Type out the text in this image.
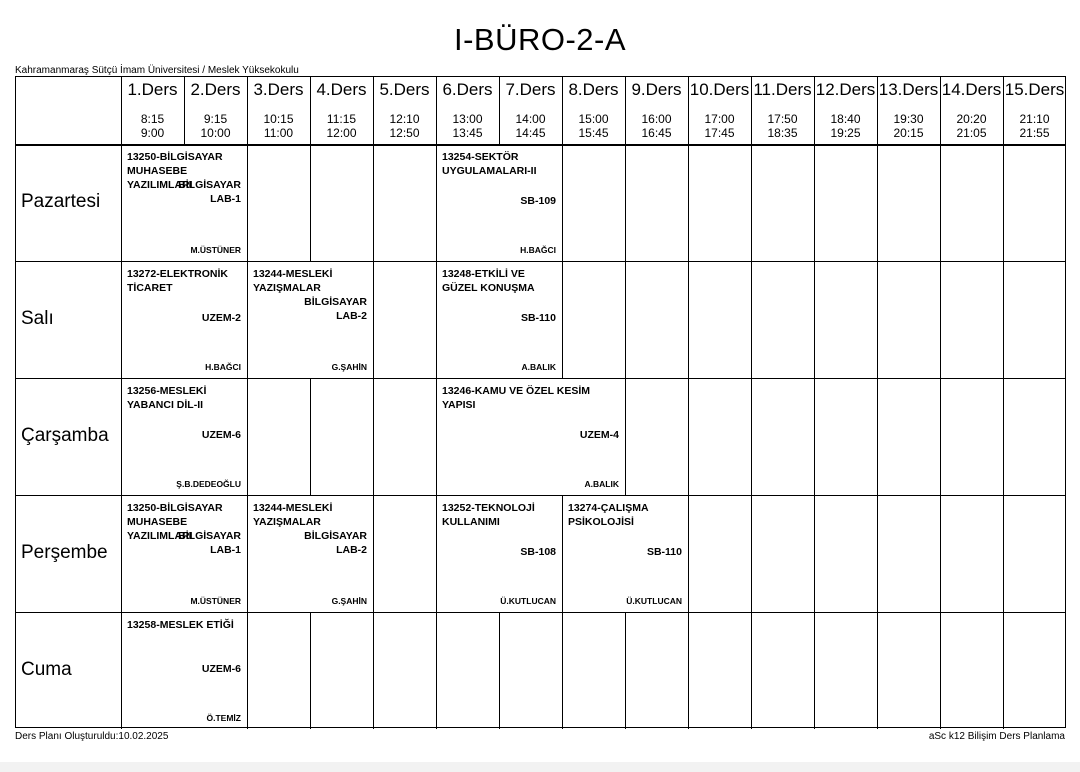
I-BÜRO-2-A
Kahramanmaraş Sütçü İmam Üniversitesi / Meslek Yüksekokulu
1.Ders
8:15
9:00
2.Ders
9:15
10:00
3.Ders
10:15
11:00
4.Ders
11:15
12:00
5.Ders
12:10
12:50
6.Ders
13:00
13:45
7.Ders
14:00
14:45
8.Ders
15:00
15:45
9.Ders
16:00
16:45
10.Ders
17:00
17:45
11.Ders
17:50
18:35
12.Ders
18:40
19:25
13.Ders
19:30
20:15
14.Ders
20:20
21:05
15.Ders
21:10
21:55
Pazartesi
Salı
Çarşamba
Perşembe
Cuma
13250-BİLGİSAYAR MUHASEBE YAZILIMLARI
BİLGİSAYAR LAB-1
M.ÜSTÜNER
13254-SEKTÖR UYGULAMALARI-II
SB-109
H.BAĞCI
13272-ELEKTRONİK TİCARET
UZEM-2
H.BAĞCI
13244-MESLEKİ YAZIŞMALAR
BİLGİSAYAR LAB-2
G.ŞAHİN
13248-ETKİLİ VE GÜZEL KONUŞMA
SB-110
A.BALIK
13256-MESLEKİ YABANCI DİL-II
UZEM-6
Ş.B.DEDEOĞLU
13246-KAMU VE ÖZEL KESİM YAPISI
UZEM-4
A.BALIK
13250-BİLGİSAYAR MUHASEBE YAZILIMLARI
BİLGİSAYAR LAB-1
M.ÜSTÜNER
13244-MESLEKİ YAZIŞMALAR
BİLGİSAYAR LAB-2
G.ŞAHİN
13252-TEKNOLOJİ KULLANIMI
SB-108
Ü.KUTLUCAN
13274-ÇALIŞMA PSİKOLOJİSİ
SB-110
Ü.KUTLUCAN
13258-MESLEK ETİĞİ
UZEM-6
Ö.TEMİZ
Ders Planı Oluşturuldu:10.02.2025	aSc k12 Bilişim Ders Planlama
